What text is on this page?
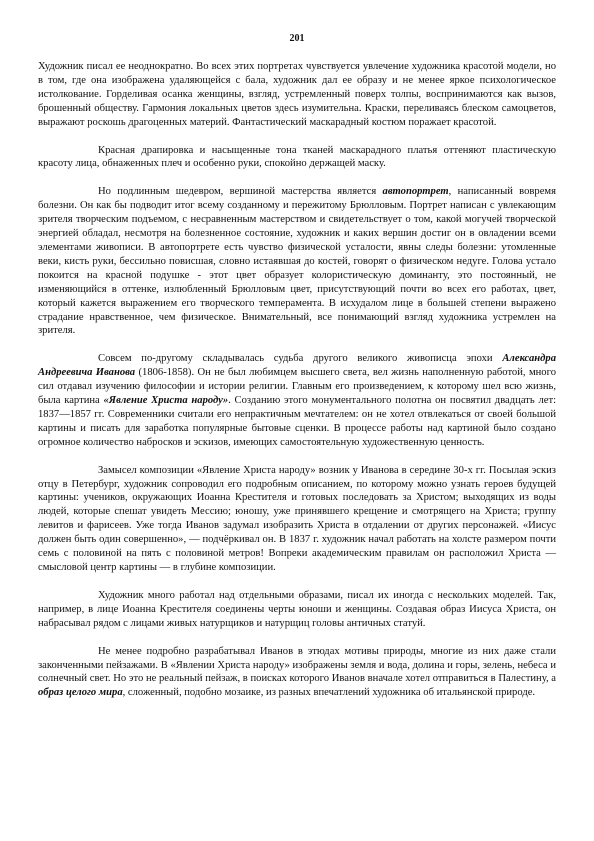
201

Художник писал ее неоднократно. Во всех этих портретах чувствуется увлечение художника красотой модели, но в том, где она изображена удаляющейся с бала, художник дал ее образу и не менее яркое психологическое истолкование. Горделивая осанка женщины, взгляд, устремленный поверх толпы, воспринимаются как вызов, брошенный обществу. Гармония локальных цветов здесь изумительна. Краски, переливаясь блеском самоцветов, выражают роскошь драгоценных материй. Фантастический маскарадный костюм поражает красотой.

Красная драпировка и насыщенные тона тканей маскарадного платья оттеняют пластическую красоту лица, обнаженных плеч и особенно руки, спокойно держащей маску.

Но подлинным шедевром, вершиной мастерства является автопортрет, написанный вовремя болезни. Он как бы подводит итог всему созданному и пережитому Брюлловым. Портрет написан с увлекающим зрителя творческим подъемом, с несравненным мастерством и свидетельствует о том, какой могучей творческой энергией обладал, несмотря на болезненное состояние, художник и каких вершин достиг он в овладении всеми элементами живописи. В автопортрете есть чувство физической усталости, явны следы болезни: утомленные веки, кисть руки, бессильно повисшая, словно истаявшая до костей, говорят о физическом недуге. Голова устало покоится на красной подушке - этот цвет образует колористическую доминанту, это постоянный, не изменяющийся в оттенке, излюбленный Брюлловым цвет, присутствующий почти во всех его работах, цвет, который кажется выражением его творческого темперамента. В исхудалом лице в большей степени выражено страдание нравственное, чем физическое. Внимательный, все понимающий взгляд художника устремлен на зрителя.

Совсем по-другому складывалась судьба другого великого живописца эпохи Александра Андреевича Иванова (1806-1858). Он не был любимцем высшего света, вел жизнь наполненную работой, много сил отдавал изучению философии и истории религии. Главным его произведением, к которому шел всю жизнь, была картина «Явление Христа народу». Созданию этого монументального полотна он посвятил двадцать лет: 1837—1857 гг. Современники считали его непрактичным мечтателем: он не хотел отвлекаться от своей большой картины и писать для заработка популярные бытовые сценки. В процессе работы над картиной было создано огромное количество набросков и эскизов, имеющих самостоятельную художественную ценность.

Замысел композиции «Явление Христа народу» возник у Иванова в середине 30-х гг. Посылая эскиз отцу в Петербург, художник сопроводил его подробным описанием, по которому можно узнать героев будущей картины: учеников, окружающих Иоанна Крестителя и готовых последовать за Христом; выходящих из воды людей, которые спешат увидеть Мессию; юношу, уже принявшего крещение и смотрящего на Христа; группу левитов и фарисеев. Уже тогда Иванов задумал изобразить Христа в отдалении от других персонажей. «Иисус должен быть один совершенно», — подчёркивал он. В 1837 г. художник начал работать на холсте размером почти семь с половиной на пять с половиной метров! Вопреки академическим правилам он расположил Христа — смысловой центр картины — в глубине композиции.

Художник много работал над отдельными образами, писал их иногда с нескольких моделей. Так, например, в лице Иоанна Крестителя соединены черты юноши и женщины. Создавая образ Иисуса Христа, он набрасывал рядом с лицами живых натурщиков и натурщиц головы античных статуй.

Не менее подробно разрабатывал Иванов в этюдах мотивы природы, многие из них даже стали законченными пейзажами. В «Явлении Христа народу» изображены земля и вода, долина и горы, зелень, небеса и солнечный свет. Но это не реальный пейзаж, в поисках которого Иванов вначале хотел отправиться в Палестину, а образ целого мира, сложенный, подобно мозаике, из разных впечатлений художника об итальянской природе.
